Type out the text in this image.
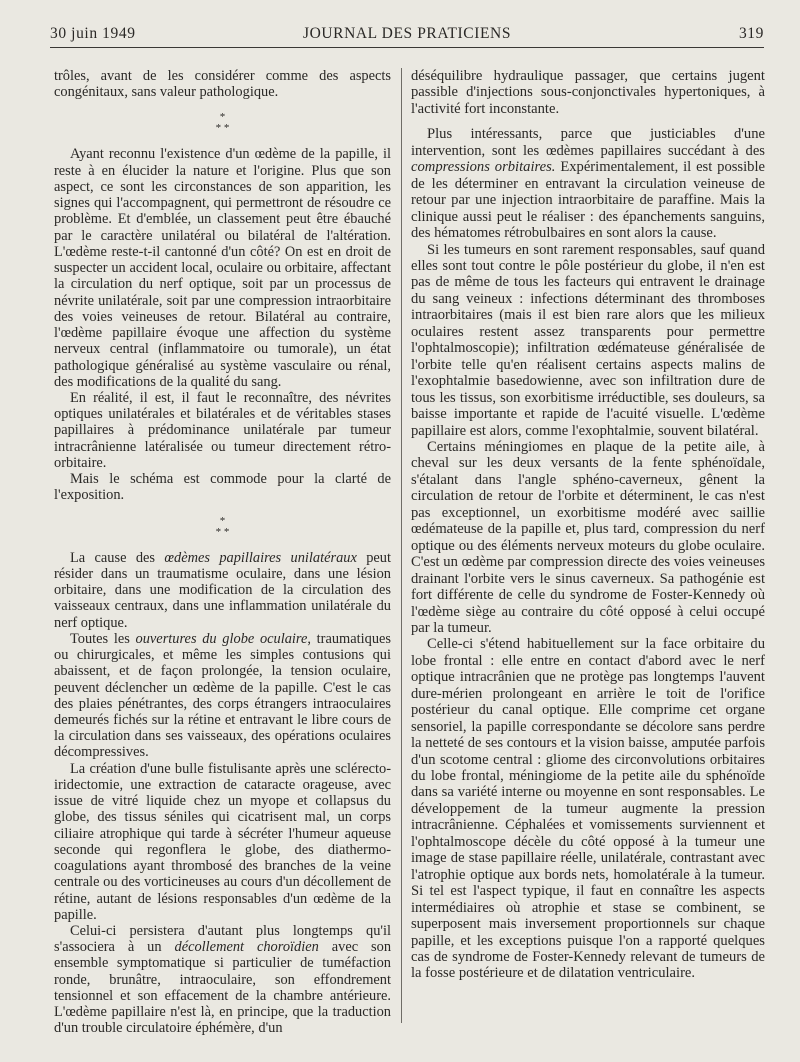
30 juin 1949	JOURNAL DES PRATICIENS	319

trôles, avant de les considérer comme des aspects congénitaux, sans valeur pathologique.

*
* *

Ayant reconnu l'existence d'un œdème de la papille, il reste à en élucider la nature et l'origine. Plus que son aspect, ce sont les circonstances de son apparition, les signes qui l'accompagnent, qui permettront de résoudre ce problème. Et d'emblée, un classement peut être ébauché par le caractère unilatéral ou bilatéral de l'altération. L'œdème reste-t-il cantonné d'un côté? On est en droit de suspecter un accident local, oculaire ou orbitaire, affectant la circulation du nerf optique, soit par un processus de névrite unilatérale, soit par une compression intraorbitaire des voies veineuses de retour. Bilatéral au contraire, l'œdème papillaire évoque une affection du système nerveux central (inflammatoire ou tumorale), un état pathologique généralisé au système vasculaire ou rénal, des modifications de la qualité du sang.

En réalité, il est, il faut le reconnaître, des névrites optiques unilatérales et bilatérales et de véritables stases papillaires à prédominance unilatérale par tumeur intracrânienne latéralisée ou tumeur directement rétro-orbitaire.

Mais le schéma est commode pour la clarté de l'exposition.

*
* *

La cause des œdèmes papillaires unilatéraux peut résider dans un traumatisme oculaire, dans une lésion orbitaire, dans une modification de la circulation des vaisseaux centraux, dans une inflammation unilatérale du nerf optique.

Toutes les ouvertures du globe oculaire, traumatiques ou chirurgicales, et même les simples contusions qui abaissent, et de façon prolongée, la tension oculaire, peuvent déclencher un œdème de la papille. C'est le cas des plaies pénétrantes, des corps étrangers intraoculaires demeurés fichés sur la rétine et entravant le libre cours de la circulation dans ses vaisseaux, des opérations oculaires décompressives.

La création d'une bulle fistulisante après une sclérecto-iridectomie, une extraction de cataracte orageuse, avec issue de vitré liquide chez un myope et collapsus du globe, des tissus séniles qui cicatrisent mal, un corps ciliaire atrophique qui tarde à sécréter l'humeur aqueuse seconde qui regonflera le globe, des diathermo-coagulations ayant thrombosé des branches de la veine centrale ou des vorticineuses au cours d'un décollement de rétine, autant de lésions responsables d'un œdème de la papille.

Celui-ci persistera d'autant plus longtemps qu'il s'associera à un décollement choroïdien avec son ensemble symptomatique si particulier de tuméfaction ronde, brunâtre, intraoculaire, son effondrement tensionnel et son effacement de la chambre antérieure. L'œdème papillaire n'est là, en principe, que la traduction d'un trouble circulatoire éphémère, d'un

déséquilibre hydraulique passager, que certains jugent passible d'injections sous-conjonctivales hypertoniques, à l'activité fort inconstante.

Plus intéressants, parce que justiciables d'une intervention, sont les œdèmes papillaires succédant à des compressions orbitaires. Expérimentalement, il est possible de les déterminer en entravant la circulation veineuse de retour par une injection intraorbitaire de paraffine. Mais la clinique aussi peut le réaliser : des épanchements sanguins, des hématomes rétrobulbaires en sont alors la cause.

Si les tumeurs en sont rarement responsables, sauf quand elles sont tout contre le pôle postérieur du globe, il n'en est pas de même de tous les facteurs qui entravent le drainage du sang veineux : infections déterminant des thromboses intraorbitaires (mais il est bien rare alors que les milieux oculaires restent assez transparents pour permettre l'ophtalmoscopie); infiltration œdémateuse généralisée de l'orbite telle qu'en réalisent certains aspects malins de l'exophtalmie basedowienne, avec son infiltration dure de tous les tissus, son exorbitisme irréductible, ses douleurs, sa baisse importante et rapide de l'acuité visuelle. L'œdème papillaire est alors, comme l'exophtalmie, souvent bilatéral.

Certains méningiomes en plaque de la petite aile, à cheval sur les deux versants de la fente sphénoïdale, s'étalant dans l'angle sphéno-caverneux, gênent la circulation de retour de l'orbite et déterminent, le cas n'est pas exceptionnel, un exorbitisme modéré avec saillie œdémateuse de la papille et, plus tard, compression du nerf optique ou des éléments nerveux moteurs du globe oculaire. C'est un œdème par compression directe des voies veineuses drainant l'orbite vers le sinus caverneux. Sa pathogénie est fort différente de celle du syndrome de Foster-Kennedy où l'œdème siège au contraire du côté opposé à celui occupé par la tumeur.

Celle-ci s'étend habituellement sur la face orbitaire du lobe frontal : elle entre en contact d'abord avec le nerf optique intracrânien que ne protège pas longtemps l'auvent dure-mérien prolongeant en arrière le toit de l'orifice postérieur du canal optique. Elle comprime cet organe sensoriel, la papille correspondante se décolore sans perdre la netteté de ses contours et la vision baisse, amputée parfois d'un scotome central : gliome des circonvolutions orbitaires du lobe frontal, méningiome de la petite aile du sphénoïde dans sa variété interne ou moyenne en sont responsables. Le développement de la tumeur augmente la pression intracrânienne. Céphalées et vomissements surviennent et l'ophtalmoscope décèle du côté opposé à la tumeur une image de stase papillaire réelle, unilatérale, contrastant avec l'atrophie optique aux bords nets, homolatérale à la tumeur. Si tel est l'aspect typique, il faut en connaître les aspects intermédiaires où atrophie et stase se combinent, se superposent mais inversement proportionnels sur chaque papille, et les exceptions puisque l'on a rapporté quelques cas de syndrome de Foster-Kennedy relevant de tumeurs de la fosse postérieure et de dilatation ventriculaire.
